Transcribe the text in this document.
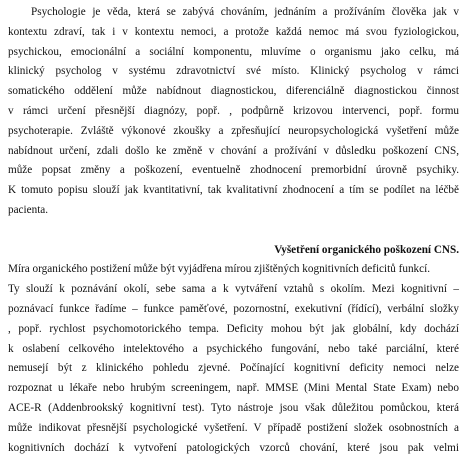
Psychologie je věda, která se zabývá chováním, jednáním a prožíváním člověka jak v
kontextu zdraví, tak i v kontextu nemoci, a protože každá nemoc má svou fyziologickou,
psychickou, emocionální a sociální komponentu, mluvíme o organismu jako celku, má
klinický psycholog v systému zdravotnictví své místo. Klinický psycholog v rámci
somatického oddělení může nabídnout diagnostickou, diferenciálně diagnostickou činnost
v rámci určení přesnější diagnózy, popř. , podpůrně krizovou intervenci, popř. formu
psychoterapie. Zvláště výkonové zkoušky a zpřesňující neuropsychologická vyšetření může
nabídnout určení, zdali došlo ke změně v chování a prožívání v důsledku poškození CNS,
může popsat změny a poškození, eventuelně zhodnocení premorbidní úrovně psychiky.
K tomuto popisu slouží jak kvantitativní, tak kvalitativní zhodnocení a tím se podílet na léčbě
pacienta.
Vyšetření organického poškození CNS.
Míra organického postižení může být vyjádřena mírou zjištěných kognitivních deficitů funkcí.
Ty slouží k poznávání okolí, sebe sama a k vytváření vztahů s okolím. Mezi kognitivní –
poznávací funkce řadíme – funkce paměťové, pozornostní, exekutivní (řídící), verbální složky
, popř. rychlost psychomotorického tempa. Deficity mohou být jak globální, kdy dochází
k oslabení celkového intelektového a psychického fungování, nebo také parciální, které
nemusejí být z klinického pohledu zjevné. Počínající kognitivní deficity nemoci nelze
rozpoznat u lékaře nebo hrubým screeningem, např. MMSE (Mini Mental State Exam) nebo
ACE-R (Addenbrookský kognitivní test). Tyto nástroje jsou však důležitou pomůckou, která
může indikovat přesnější psychologické vyšetření. V případě postižení složek osobnostních a
kognitivních dochází k vytvoření patologických vzorců chování, které jsou pak velmi
